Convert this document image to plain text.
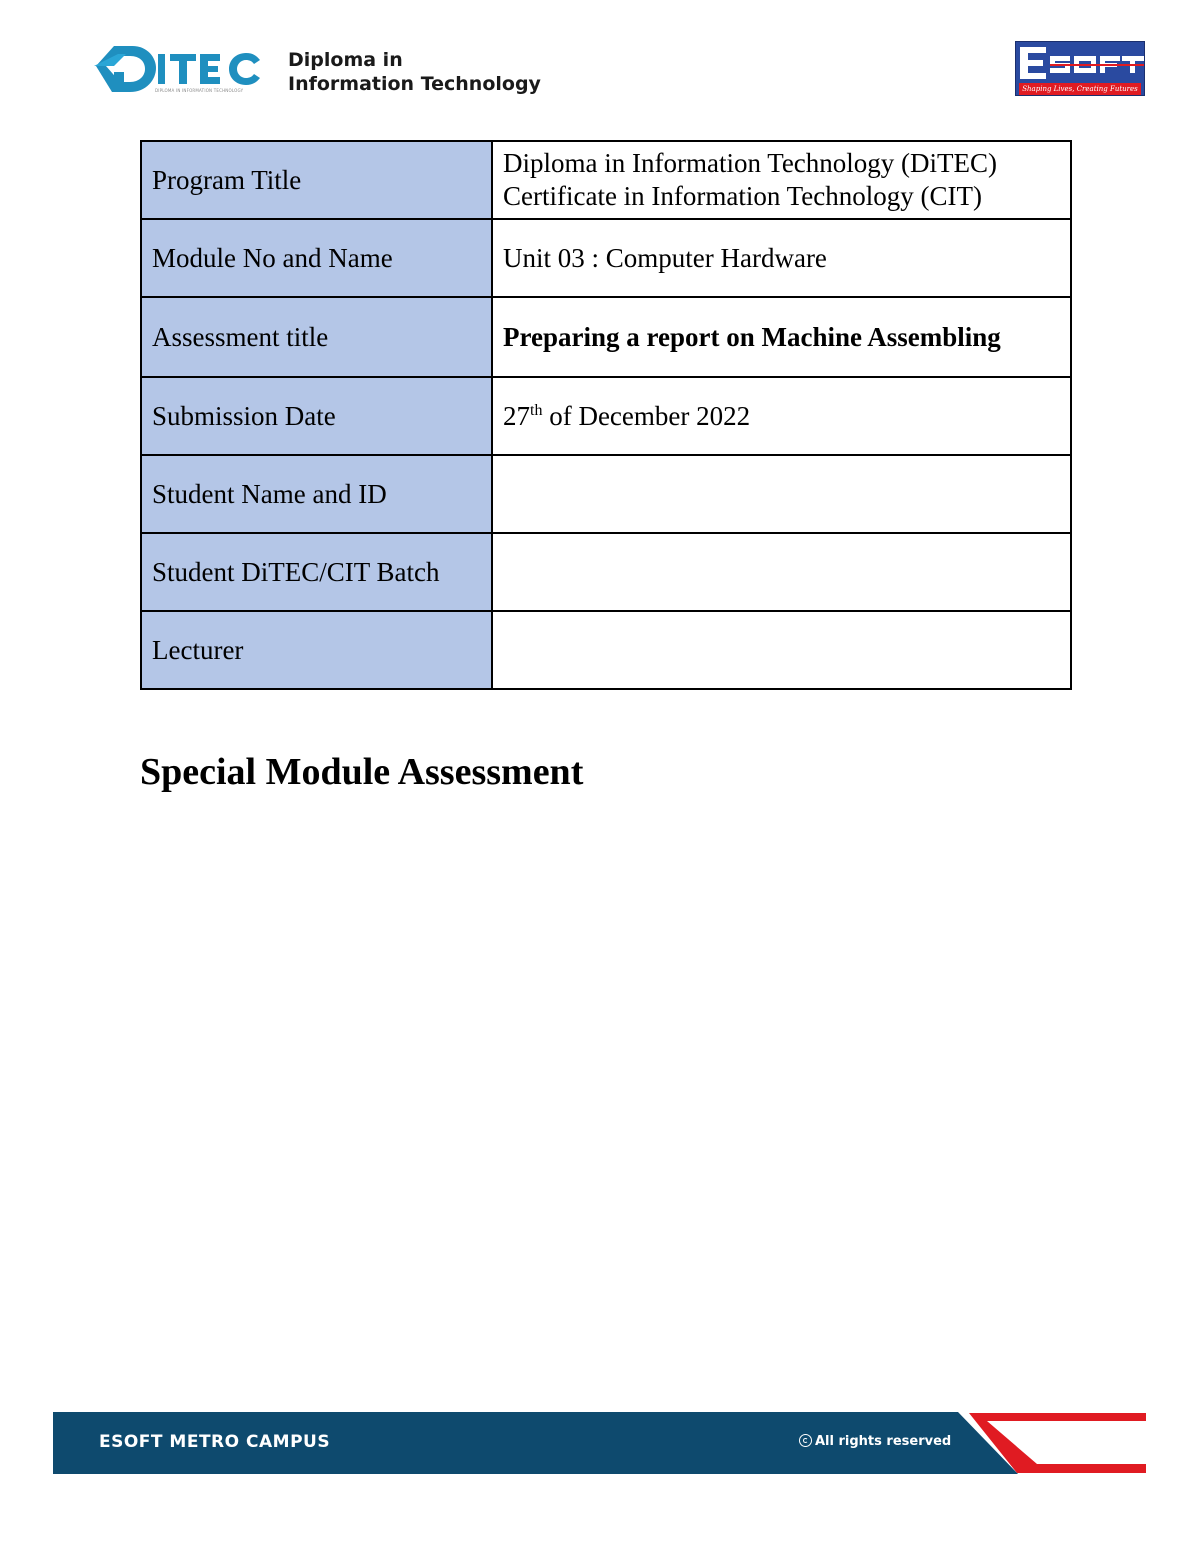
DIPLOMA IN INFORMATION TECHNOLOGY
Diploma in
Information Technology	Shaping Lives, Creating Futures
Program Title	Diploma in Information Technology (DiTEC)
Certificate in Information Technology (CIT)
Module No and Name	Unit 03 : Computer Hardware
Assessment title	Preparing a report on Machine Assembling
Submission Date	27th of December 2022
Student Name and ID	
Student DiTEC/CIT Batch	
Lecturer	
Special Module Assessment
ESOFT METRO CAMPUS	All rights reserved
